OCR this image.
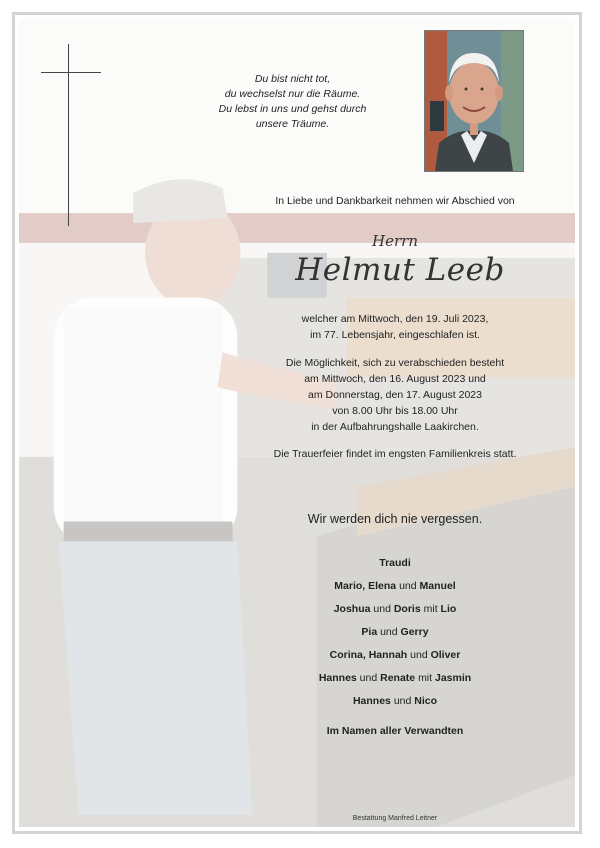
Du bist nicht tot,
du wechselst nur die Räume.
Du lebst in uns und gehst durch
unsere Träume.
In Liebe und Dankbarkeit nehmen wir Abschied von
Herrn
Helmut Leeb
welcher am Mittwoch, den 19. Juli 2023,
im 77. Lebensjahr, eingeschlafen ist.
Die Möglichkeit, sich zu verabschieden besteht
am Mittwoch, den 16. August 2023 und
am Donnerstag, den 17. August 2023
von 8.00 Uhr bis 18.00 Uhr
in der Aufbahrungshalle Laakirchen.
Die Trauerfeier findet im engsten Familienkreis statt.
Wir werden dich nie vergessen.
Traudi
Mario, Elena und Manuel
Joshua und Doris mit Lio
Pia und Gerry
Corina, Hannah und Oliver
Hannes und Renate mit Jasmin
Hannes und Nico
Im Namen aller Verwandten
Bestattung Manfred Leitner
